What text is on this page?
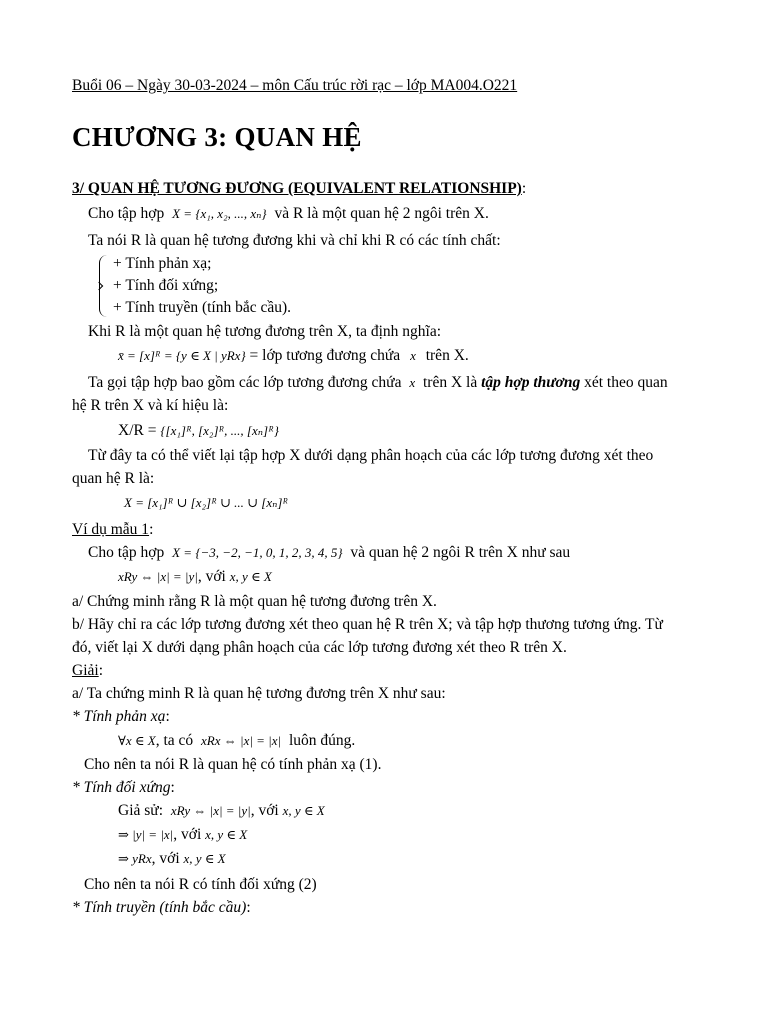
Buổi 06 – Ngày 30-03-2024 – môn Cấu trúc rời rạc – lớp MA004.O221
CHƯƠNG 3: QUAN HỆ
3/ QUAN HỆ TƯƠNG ĐƯƠNG (EQUIVALENT RELATIONSHIP):
Cho tập hợp X = {x₁, x₂, ..., xₙ} và R là một quan hệ 2 ngôi trên X.
Ta nói R là quan hệ tương đương khi và chỉ khi R có các tính chất:
+ Tính phản xạ;
+ Tính đối xứng;
+ Tính truyền (tính bắc cầu).
Khi R là một quan hệ tương đương trên X, ta định nghĩa:
x̄ = [x]ᴿ = {y ∈ X | yRx} = lớp tương đương chứa x trên X.
Ta gọi tập hợp bao gồm các lớp tương đương chứa x trên X là tập hợp thương xét theo quan
hệ R trên X và kí hiệu là:
X/R = {[x₁]ᴿ, [x₂]ᴿ, ..., [xₙ]ᴿ}
Từ đây ta có thể viết lại tập hợp X dưới dạng phân hoạch của các lớp tương đương xét theo
quan hệ R là:
X = [x₁]ᴿ ∪ [x₂]ᴿ ∪ ... ∪ [xₙ]ᴿ
Ví dụ mẫu 1:
Cho tập hợp X = {−3, −2, −1, 0, 1, 2, 3, 4, 5} và quan hệ 2 ngôi R trên X như sau
xRy ⇔ |x| = |y|, với x, y ∈ X
a/ Chứng minh rằng R là một quan hệ tương đương trên X.
b/ Hãy chỉ ra các lớp tương đương xét theo quan hệ R trên X; và tập hợp thương tương ứng. Từ
đó, viết lại X dưới dạng phân hoạch của các lớp tương đương xét theo R trên X.
Giải:
a/ Ta chứng minh R là quan hệ tương đương trên X như sau:
* Tính phản xạ:
∀x ∈ X, ta có xRx ⇔ |x| = |x| luôn đúng.
Cho nên ta nói R là quan hệ có tính phản xạ (1).
* Tính đối xứng:
Giả sử: xRy ⇔ |x| = |y|, với x, y ∈ X
⇒ |y| = |x|, với x, y ∈ X
⇒ yRx, với x, y ∈ X
Cho nên ta nói R có tính đối xứng (2)
* Tính truyền (tính bắc cầu):
